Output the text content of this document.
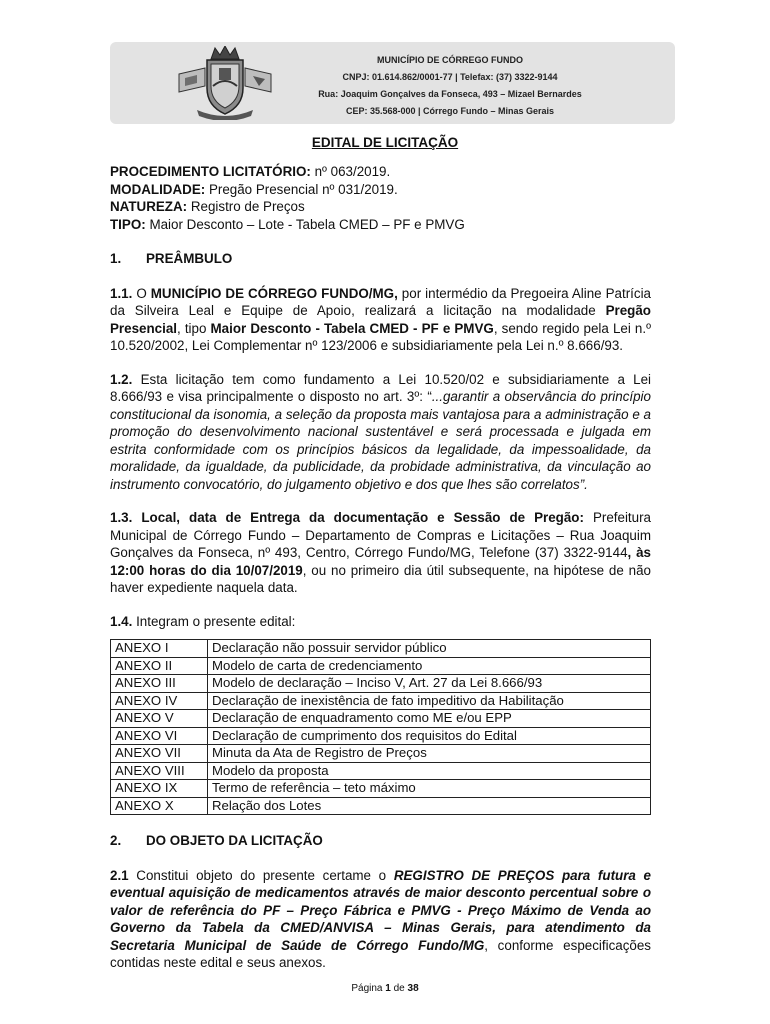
MUNICÍPIO DE CÓRREGO FUNDO
CNPJ: 01.614.862/0001-77 | Telefax: (37) 3322-9144
Rua: Joaquim Gonçalves da Fonseca, 493 – Mizael Bernardes
CEP: 35.568-000 | Córrego Fundo – Minas Gerais
EDITAL DE LICITAÇÃO

PROCEDIMENTO LICITATÓRIO: nº 063/2019.

MODALIDADE: Pregão Presencial nº 031/2019.

NATUREZA: Registro de Preços

TIPO: Maior Desconto – Lote - Tabela CMED – PF e PMVG

1. PREÂMBULO

1.1. O MUNICÍPIO DE CÓRREGO FUNDO/MG, por intermédio da Pregoeira Aline Patrícia da Silveira Leal e Equipe de Apoio, realizará a licitação na modalidade Pregão Presencial, tipo Maior Desconto - Tabela CMED - PF e PMVG, sendo regido pela Lei n.º 10.520/2002, Lei Complementar nº 123/2006 e subsidiariamente pela Lei n.º 8.666/93.

1.2. Esta licitação tem como fundamento a Lei 10.520/02 e subsidiariamente a Lei 8.666/93 e visa principalmente o disposto no art. 3º: “...garantir a observância do princípio constitucional da isonomia, a seleção da proposta mais vantajosa para a administração e a promoção do desenvolvimento nacional sustentável e será processada e julgada em estrita conformidade com os princípios básicos da legalidade, da impessoalidade, da moralidade, da igualdade, da publicidade, da probidade administrativa, da vinculação ao instrumento convocatório, do julgamento objetivo e dos que lhes são correlatos”.

1.3. Local, data de Entrega da documentação e Sessão de Pregão: Prefeitura Municipal de Córrego Fundo – Departamento de Compras e Licitações – Rua Joaquim Gonçalves da Fonseca, nº 493, Centro, Córrego Fundo/MG, Telefone (37) 3322-9144, às 12:00 horas do dia 10/07/2019, ou no primeiro dia útil subsequente, na hipótese de não haver expediente naquela data.

1.4. Integram o presente edital:

ANEXO I	Declaração não possuir servidor público
ANEXO II	Modelo de carta de credenciamento
ANEXO III	Modelo de declaração – Inciso V, Art. 27 da Lei 8.666/93
ANEXO IV	Declaração de inexistência de fato impeditivo da Habilitação
ANEXO V	Declaração de enquadramento como ME e/ou EPP
ANEXO VI	Declaração de cumprimento dos requisitos do Edital
ANEXO VII	Minuta da Ata de Registro de Preços
ANEXO VIII	Modelo da proposta
ANEXO IX	Termo de referência – teto máximo
ANEXO X	Relação dos Lotes

2. DO OBJETO DA LICITAÇÃO

2.1 Constitui objeto do presente certame o REGISTRO DE PREÇOS para futura e eventual aquisição de medicamentos através de maior desconto percentual sobre o valor de referência do PF – Preço Fábrica e PMVG - Preço Máximo de Venda ao Governo da Tabela da CMED/ANVISA – Minas Gerais, para atendimento da Secretaria Municipal de Saúde de Córrego Fundo/MG, conforme especificações contidas neste edital e seus anexos.

Página 1 de 38
